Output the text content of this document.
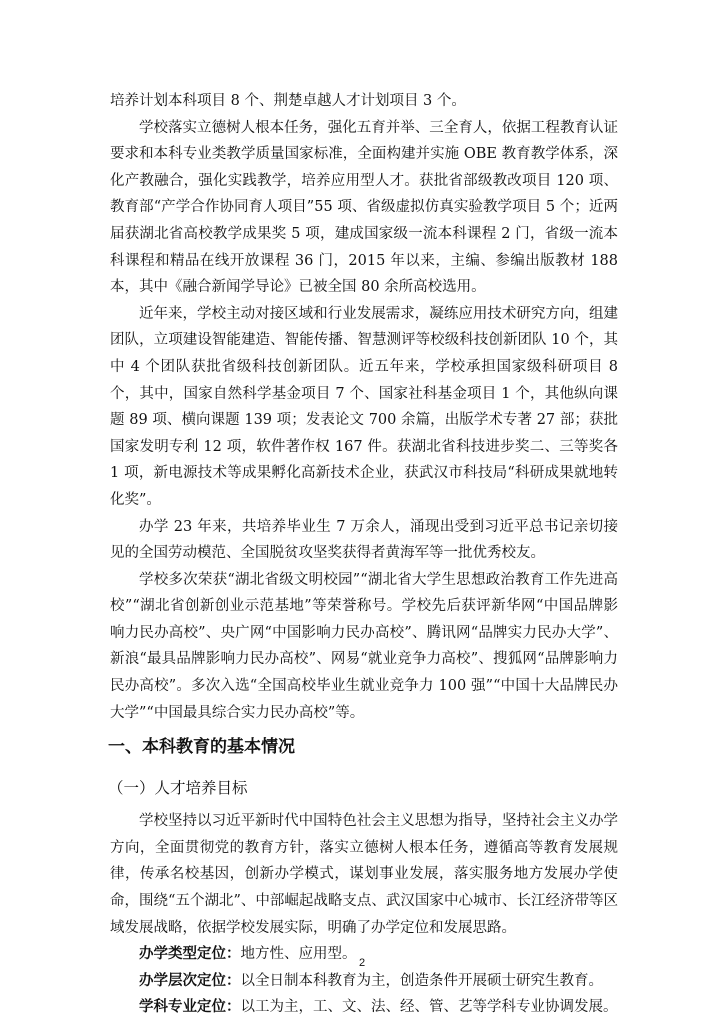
培养计划本科项目 8 个、荆楚卓越人才计划项目 3 个。

学校落实立德树人根本任务，强化五育并举、三全育人，依据工程教育认证要求和本科专业类教学质量国家标准，全面构建并实施 OBE 教育教学体系，深化产教融合，强化实践教学，培养应用型人才。获批省部级教改项目 120 项、教育部“产学合作协同育人项目”55 项、省级虚拟仿真实验教学项目 5 个；近两届获湖北省高校教学成果奖 5 项，建成国家级一流本科课程 2 门，省级一流本科课程和精品在线开放课程 36 门，2015 年以来，主编、参编出版教材 188 本，其中《融合新闻学导论》已被全国 80 余所高校选用。

近年来，学校主动对接区域和行业发展需求，凝练应用技术研究方向，组建团队，立项建设智能建造、智能传播、智慧测评等校级科技创新团队 10 个，其中 4 个团队获批省级科技创新团队。近五年来，学校承担国家级科研项目 8 个，其中，国家自然科学基金项目 7 个、国家社科基金项目 1 个，其他纵向课题 89 项、横向课题 139 项；发表论文 700 余篇，出版学术专著 27 部；获批国家发明专利 12 项，软件著作权 167 件。获湖北省科技进步奖二、三等奖各 1 项，新电源技术等成果孵化高新技术企业，获武汉市科技局“科研成果就地转化奖”。

办学 23 年来，共培养毕业生 7 万余人，涌现出受到习近平总书记亲切接见的全国劳动模范、全国脱贫攻坚奖获得者黄海军等一批优秀校友。

学校多次荣获“湖北省级文明校园”“湖北省大学生思想政治教育工作先进高校”“湖北省创新创业示范基地”等荣誉称号。学校先后获评新华网“中国品牌影响力民办高校”、央广网“中国影响力民办高校”、腾讯网“品牌实力民办大学”、新浪“最具品牌影响力民办高校”、网易“就业竞争力高校”、搜狐网“品牌影响力民办高校”。多次入选“全国高校毕业生就业竞争力 100 强”“中国十大品牌民办大学”“中国最具综合实力民办高校”等。

一、本科教育的基本情况
（一）人才培养目标

学校坚持以习近平新时代中国特色社会主义思想为指导，坚持社会主义办学方向，全面贯彻党的教育方针，落实立德树人根本任务，遵循高等教育发展规律，传承名校基因，创新办学模式，谋划事业发展，落实服务地方发展办学使命，围绕“五个湖北”、中部崛起战略支点、武汉国家中心城市、长江经济带等区域发展战略，依据学校发展实际，明确了办学定位和发展思路。

办学类型定位：地方性、应用型。
办学层次定位：以全日制本科教育为主，创造条件开展硕士研究生教育。
学科专业定位：以工为主，工、文、法、经、管、艺等学科专业协调发展。
2
